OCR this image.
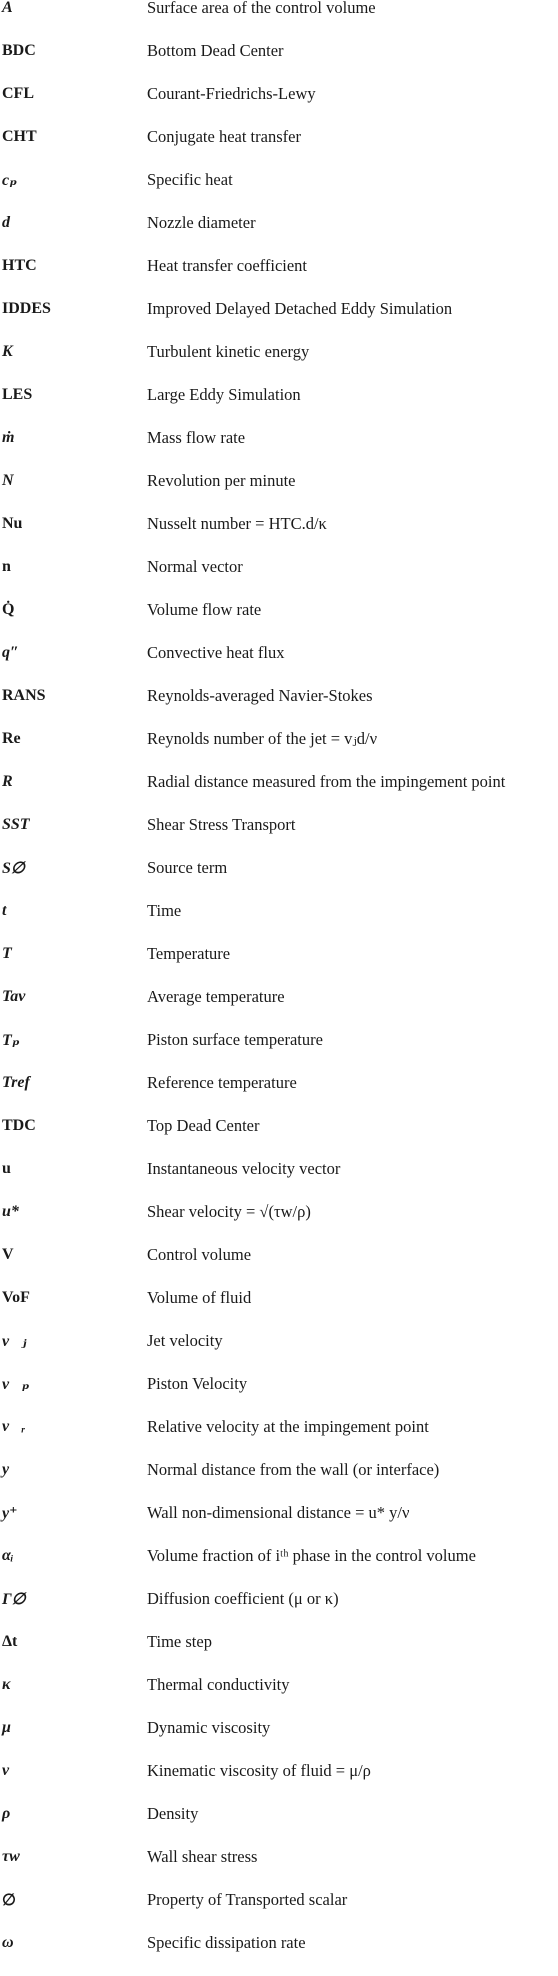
A	Surface area of the control volume
BDC	Bottom Dead Center
CFL	Courant-Friedrichs-Lewy
CHT	Conjugate heat transfer
cₚ	Specific heat
d	Nozzle diameter
HTC	Heat transfer coefficient
IDDES	Improved Delayed Detached Eddy Simulation
K	Turbulent kinetic energy
LES	Large Eddy Simulation
ṁ	Mass flow rate
N	Revolution per minute
Nu	Nusselt number = HTC.d/κ
n	Normal vector
Q̇	Volume flow rate
q″	Convective heat flux
RANS	Reynolds-averaged Navier-Stokes
Re	Reynolds number of the jet = vⱼd/ν
R	Radial distance measured from the impingement point
SST	Shear Stress Transport
S∅	Source term
t	Time
T	Temperature
Tav	Average temperature
Tₚ	Piston surface temperature
Tref	Reference temperature
TDC	Top Dead Center
u	Instantaneous velocity vector
u*	Shear velocity = √(τw/ρ)
V	Control volume
VoF	Volume of fluid
v⃗ⱼ	Jet velocity
v⃗ₚ	Piston Velocity
v⃗ᵣ	Relative velocity at the impingement point
y	Normal distance from the wall (or interface)
y⁺	Wall non-dimensional distance = u* y/ν
αᵢ	Volume fraction of iᵗʰ phase in the control volume
Γ∅	Diffusion coefficient (μ or κ)
Δt	Time step
κ	Thermal conductivity
μ	Dynamic viscosity
ν	Kinematic viscosity of fluid = μ/ρ
ρ	Density
τw	Wall shear stress
∅	Property of Transported scalar
ω	Specific dissipation rate
